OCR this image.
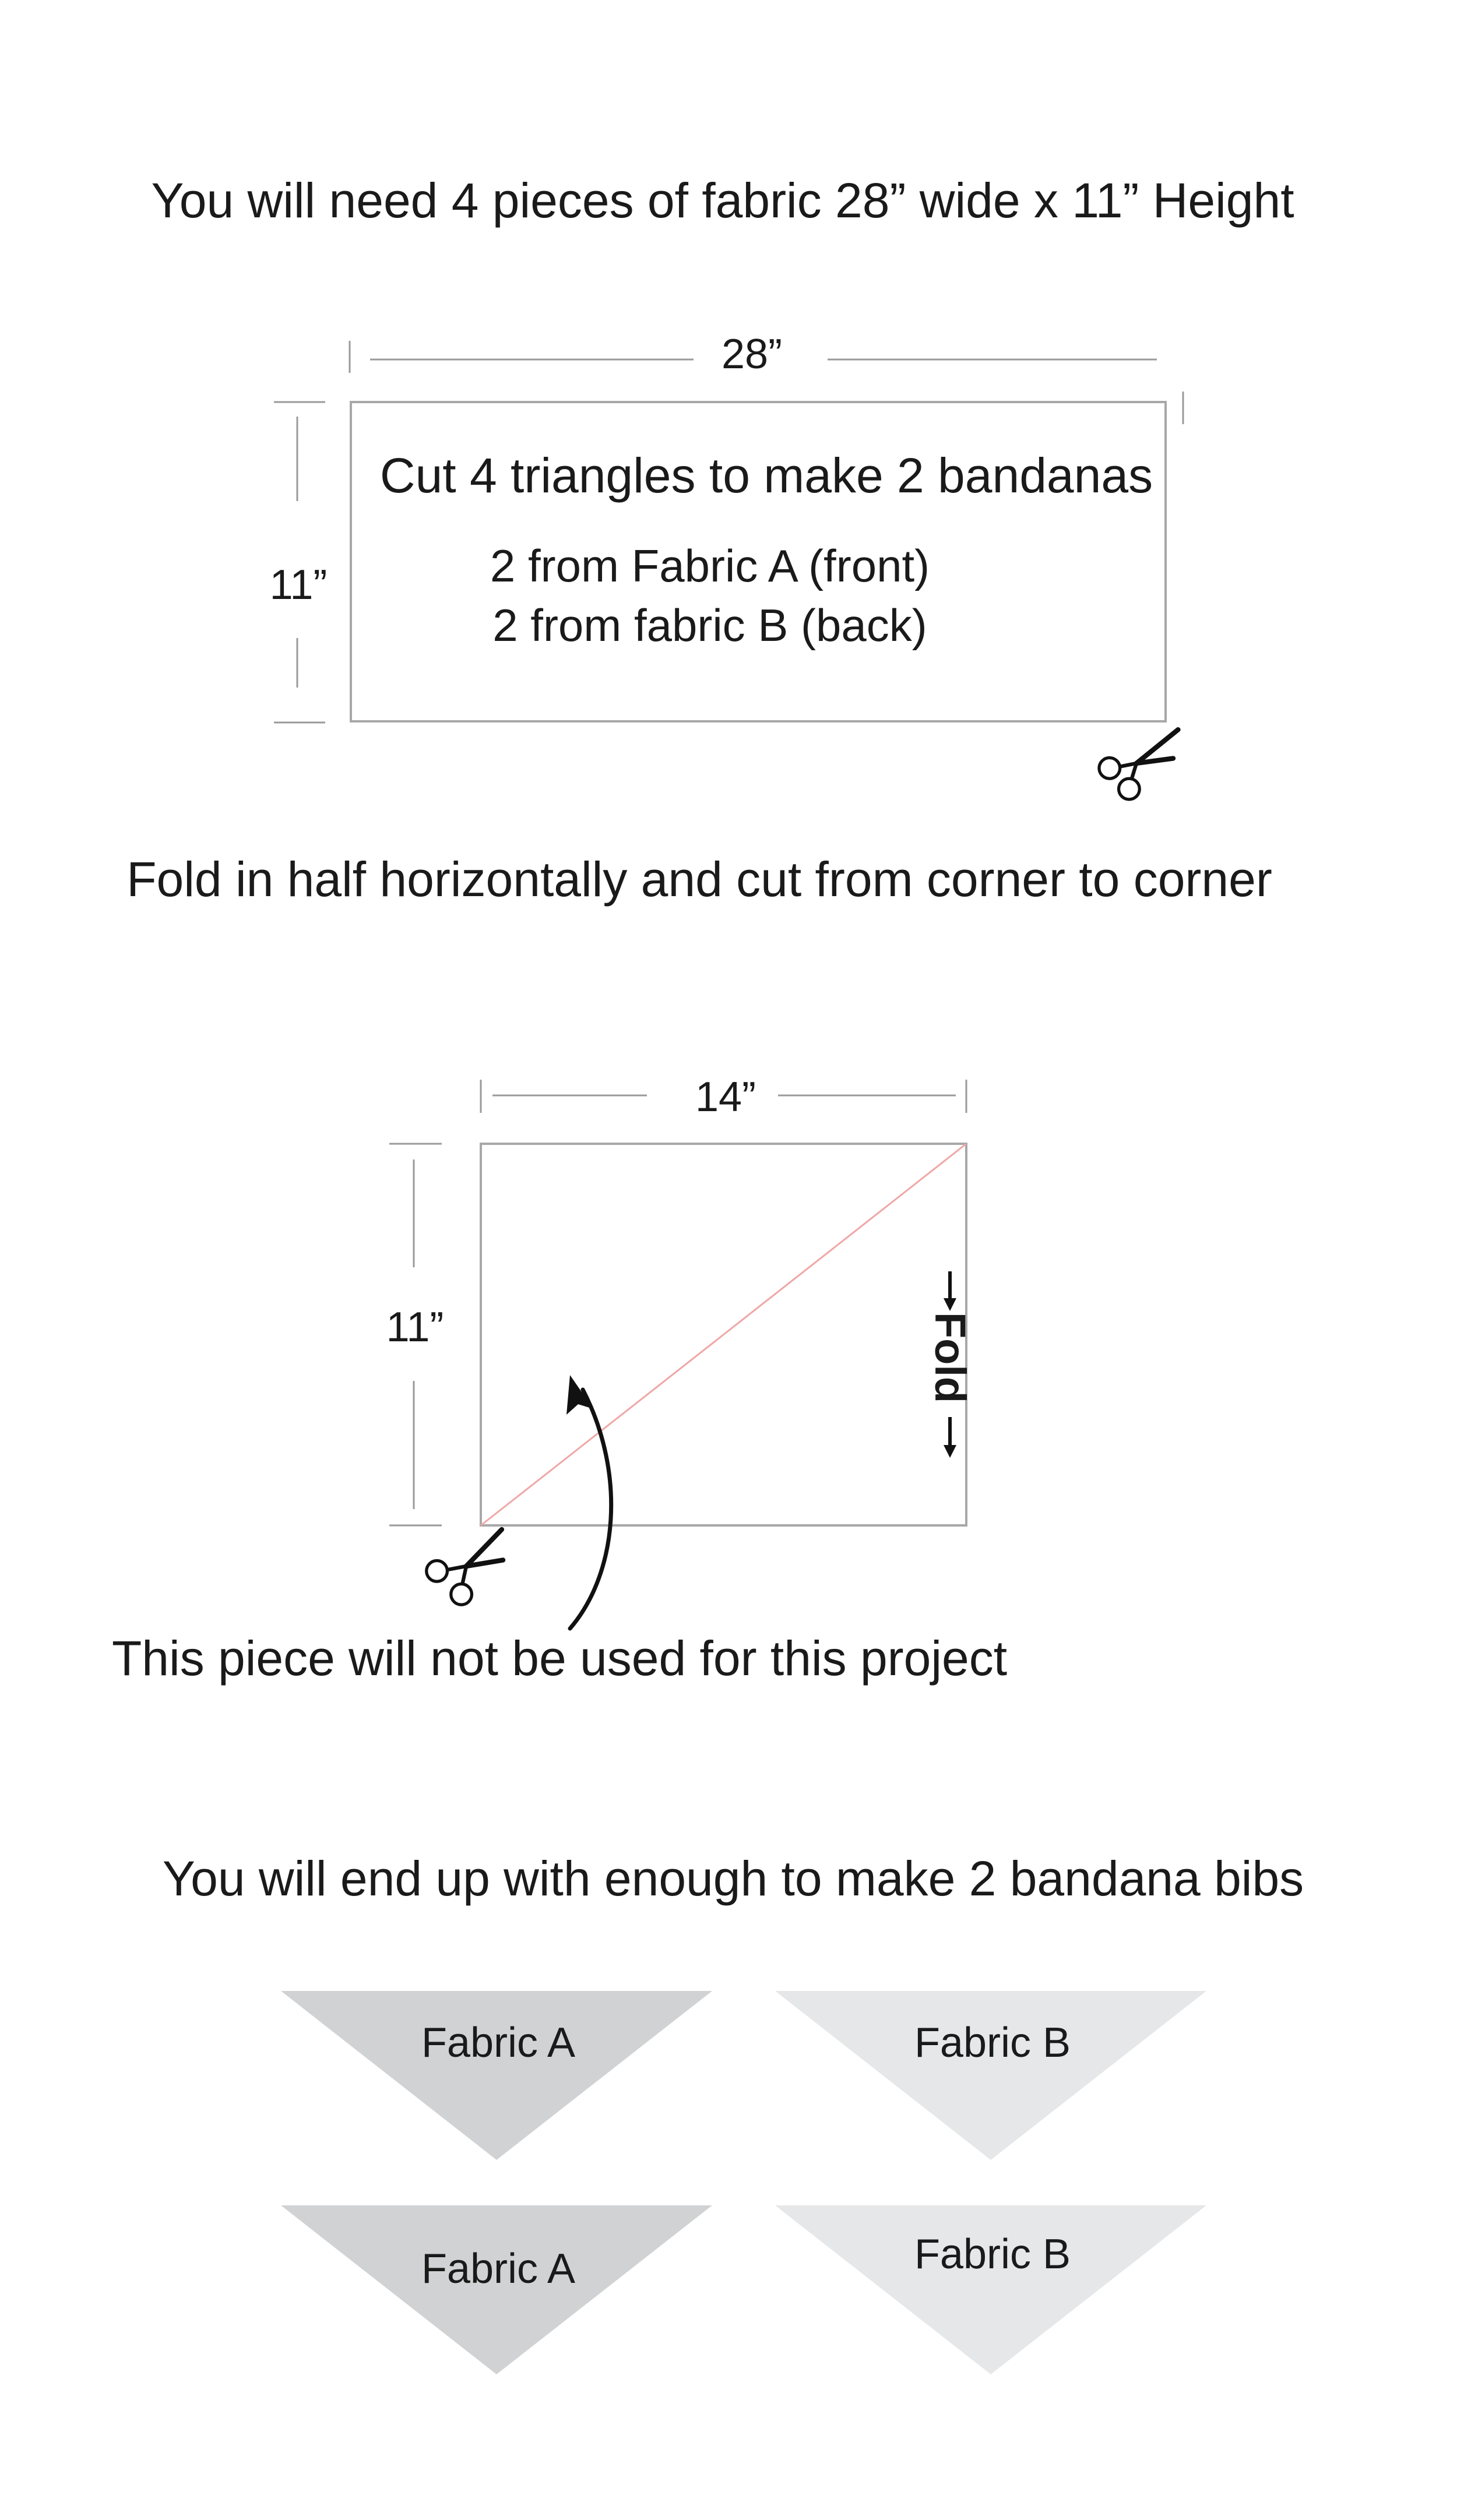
You will need 4 pieces of fabric 28” wide x 11” Height
28”
11”
Cut 4 triangles to make 2 bandanas
2 from Fabric A (front)
2 from fabric B (back)
Fold in half horizontally and cut from corner to corner
14”
11”	Fold
This piece will not be used for this project
You will end up with enough to make 2 bandana bibs
Fabric A	Fabric B
Fabric A	Fabric B
